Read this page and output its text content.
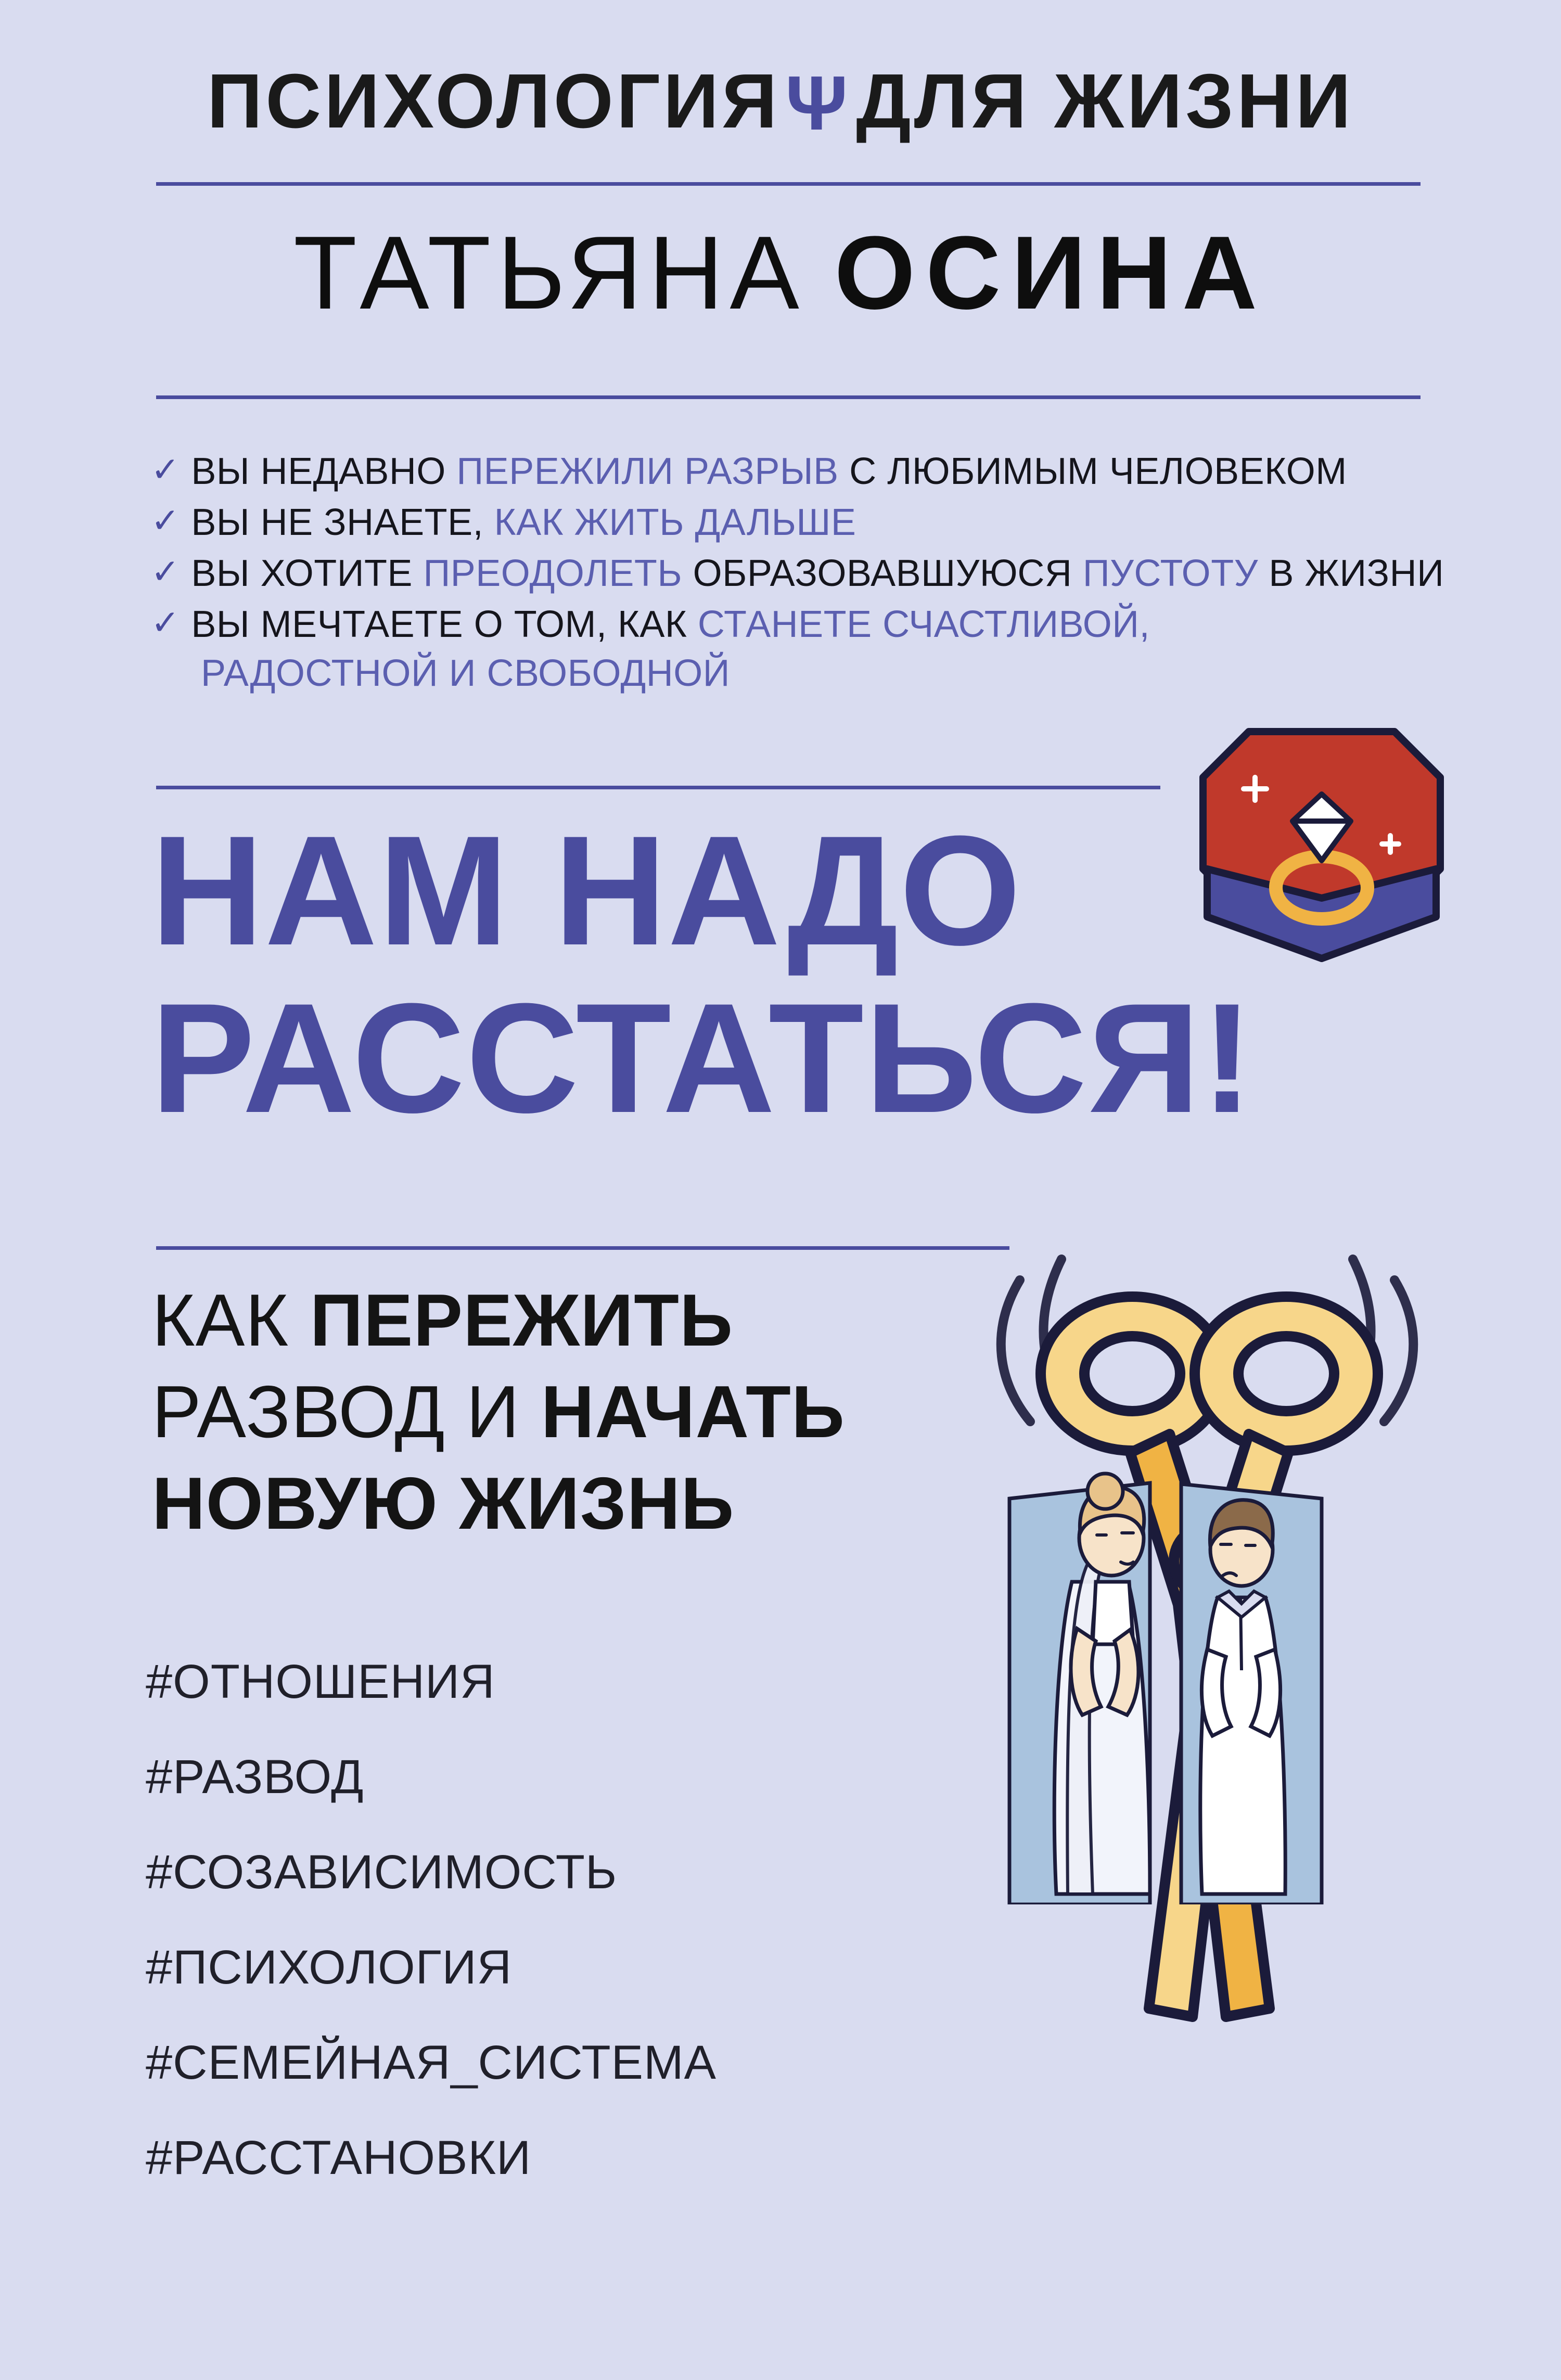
ПСИХОЛОГИЯΨДЛЯ ЖИЗНИ
ТАТЬЯНА ОСИНА
✓ ВЫ НЕДАВНО ПЕРЕЖИЛИ РАЗРЫВ С ЛЮБИМЫМ ЧЕЛОВЕКОМ
✓ ВЫ НЕ ЗНАЕТЕ, КАК ЖИТЬ ДАЛЬШЕ
✓ ВЫ ХОТИТЕ ПРЕОДОЛЕТЬ ОБРАЗОВАВШУЮСЯ ПУСТОТУ В ЖИЗНИ
✓ ВЫ МЕЧТАЕТЕ О ТОМ, КАК СТАНЕТЕ СЧАСТЛИВОЙ,
РАДОСТНОЙ И СВОБОДНОЙ
НАМ НАДО
РАССТАТЬСЯ!
КАК ПЕРЕЖИТЬ
РАЗВОД И НАЧАТЬ
НОВУЮ ЖИЗНЬ
#ОТНОШЕНИЯ
#РАЗВОД
#СОЗАВИСИМОСТЬ
#ПСИХОЛОГИЯ
#СЕМЕЙНАЯ_СИСТЕМА
#РАССТАНОВКИ
